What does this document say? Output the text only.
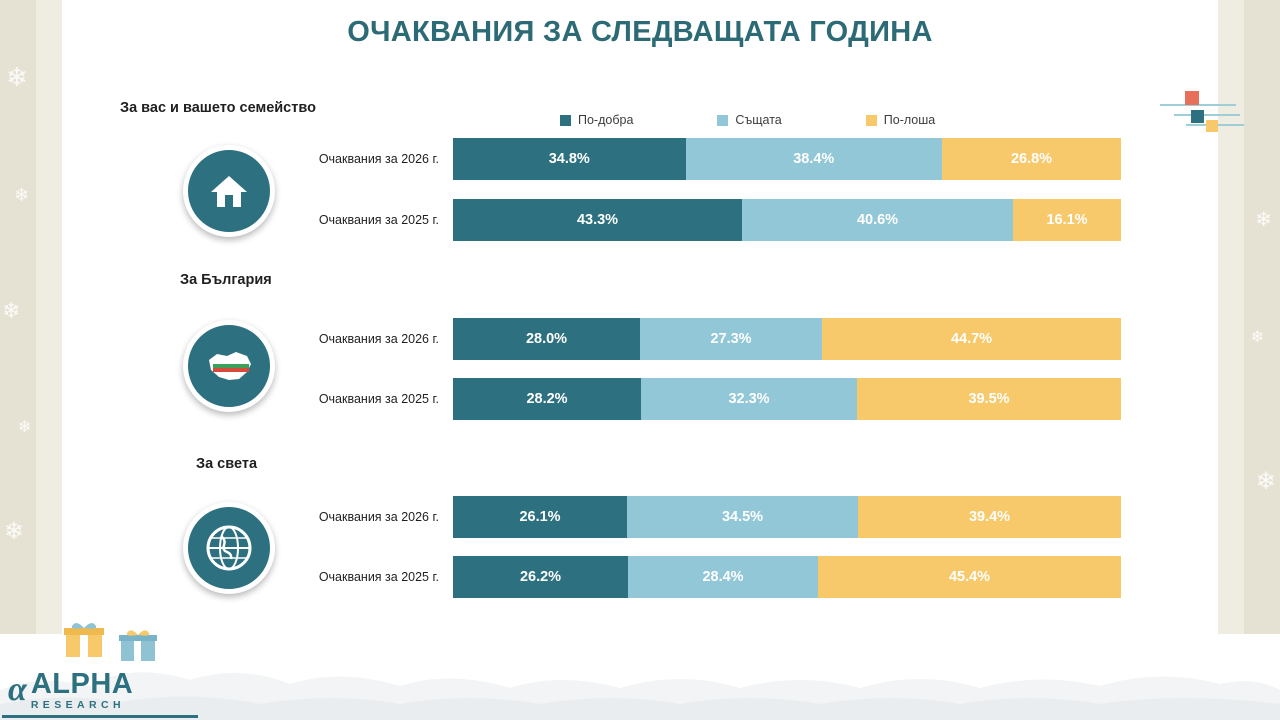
❄
❄
❄
❄
❄
❄
❄
❄
ОЧАКВАНИЯ ЗА СЛЕДВАЩАТА ГОДИНА
По-добра	Същата	По-лоша
За вас и вашето семейство
Очаквания за 2026 г.	34.8%	38.4%	26.8%
Очаквания за 2025 г.	43.3%	40.6%	16.1%
За България
Очаквания за 2026 г.	28.0%	27.3%	44.7%
Очаквания за 2025 г.	28.2%	32.3%	39.5%
За света
Очаквания за 2026 г.	26.1%	34.5%	39.4%
Очаквания за 2025 г.	26.2%	28.4%	45.4%
α ALPHA
RESEARCH
